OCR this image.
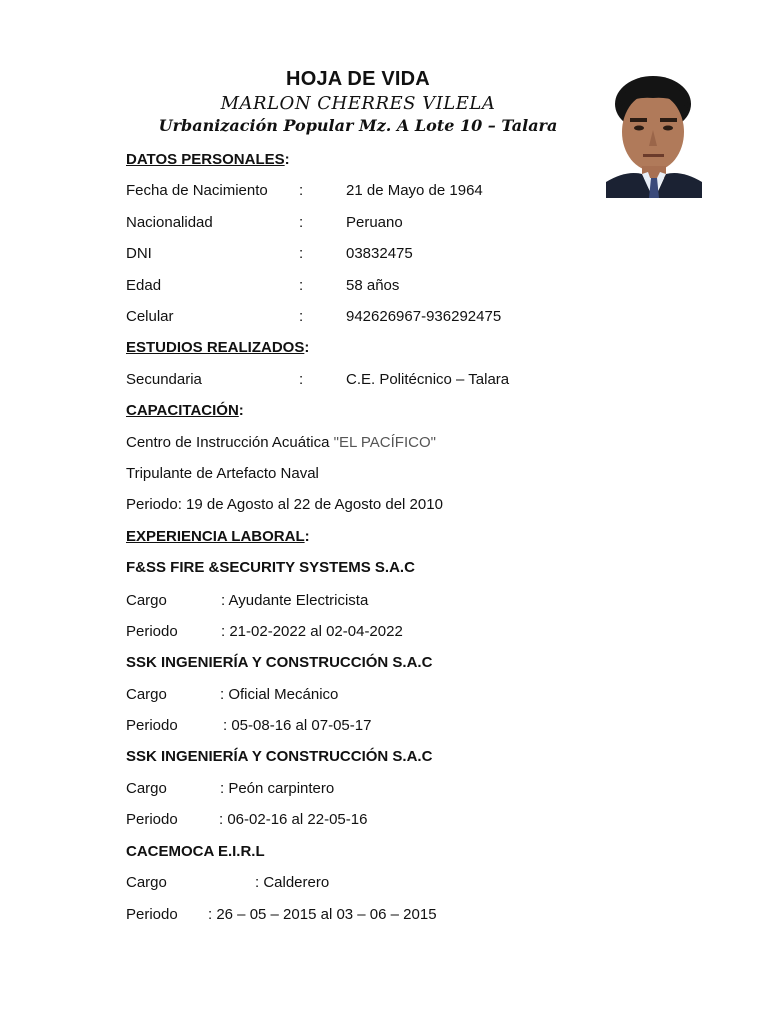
HOJA DE VIDA
MARLON CHERRES VILELA
Urbanización Popular Mz. A Lote 10 – Talara
DATOS PERSONALES:
Fecha de Nacimiento :	21 de Mayo de 1964
Nacionalidad	:	Peruano
DNI	:	03832475
Edad	:	58 años
Celular	:	942626967-936292475
ESTUDIOS REALIZADOS:
Secundaria	:	C.E. Politécnico – Talara
CAPACITACIÓN:
Centro de Instrucción Acuática "EL PACÍFICO"
Tripulante de Artefacto Naval
Periodo: 19 de Agosto al 22 de Agosto del 2010
EXPERIENCIA LABORAL:
F&SS FIRE &SECURITY SYSTEMS S.A.C
Cargo	: Ayudante Electricista
Periodo	: 21-02-2022 al 02-04-2022
SSK INGENIERÍA Y CONSTRUCCIÓN S.A.C
Cargo	: Oficial Mecánico
Periodo	: 05-08-16 al 07-05-17
SSK INGENIERÍA Y CONSTRUCCIÓN S.A.C
Cargo	: Peón carpintero
Periodo	: 06-02-16 al 22-05-16
CACEMOCA E.I.R.L
Cargo	: Calderero
Periodo : 26 – 05 – 2015 al 03 – 06 – 2015
